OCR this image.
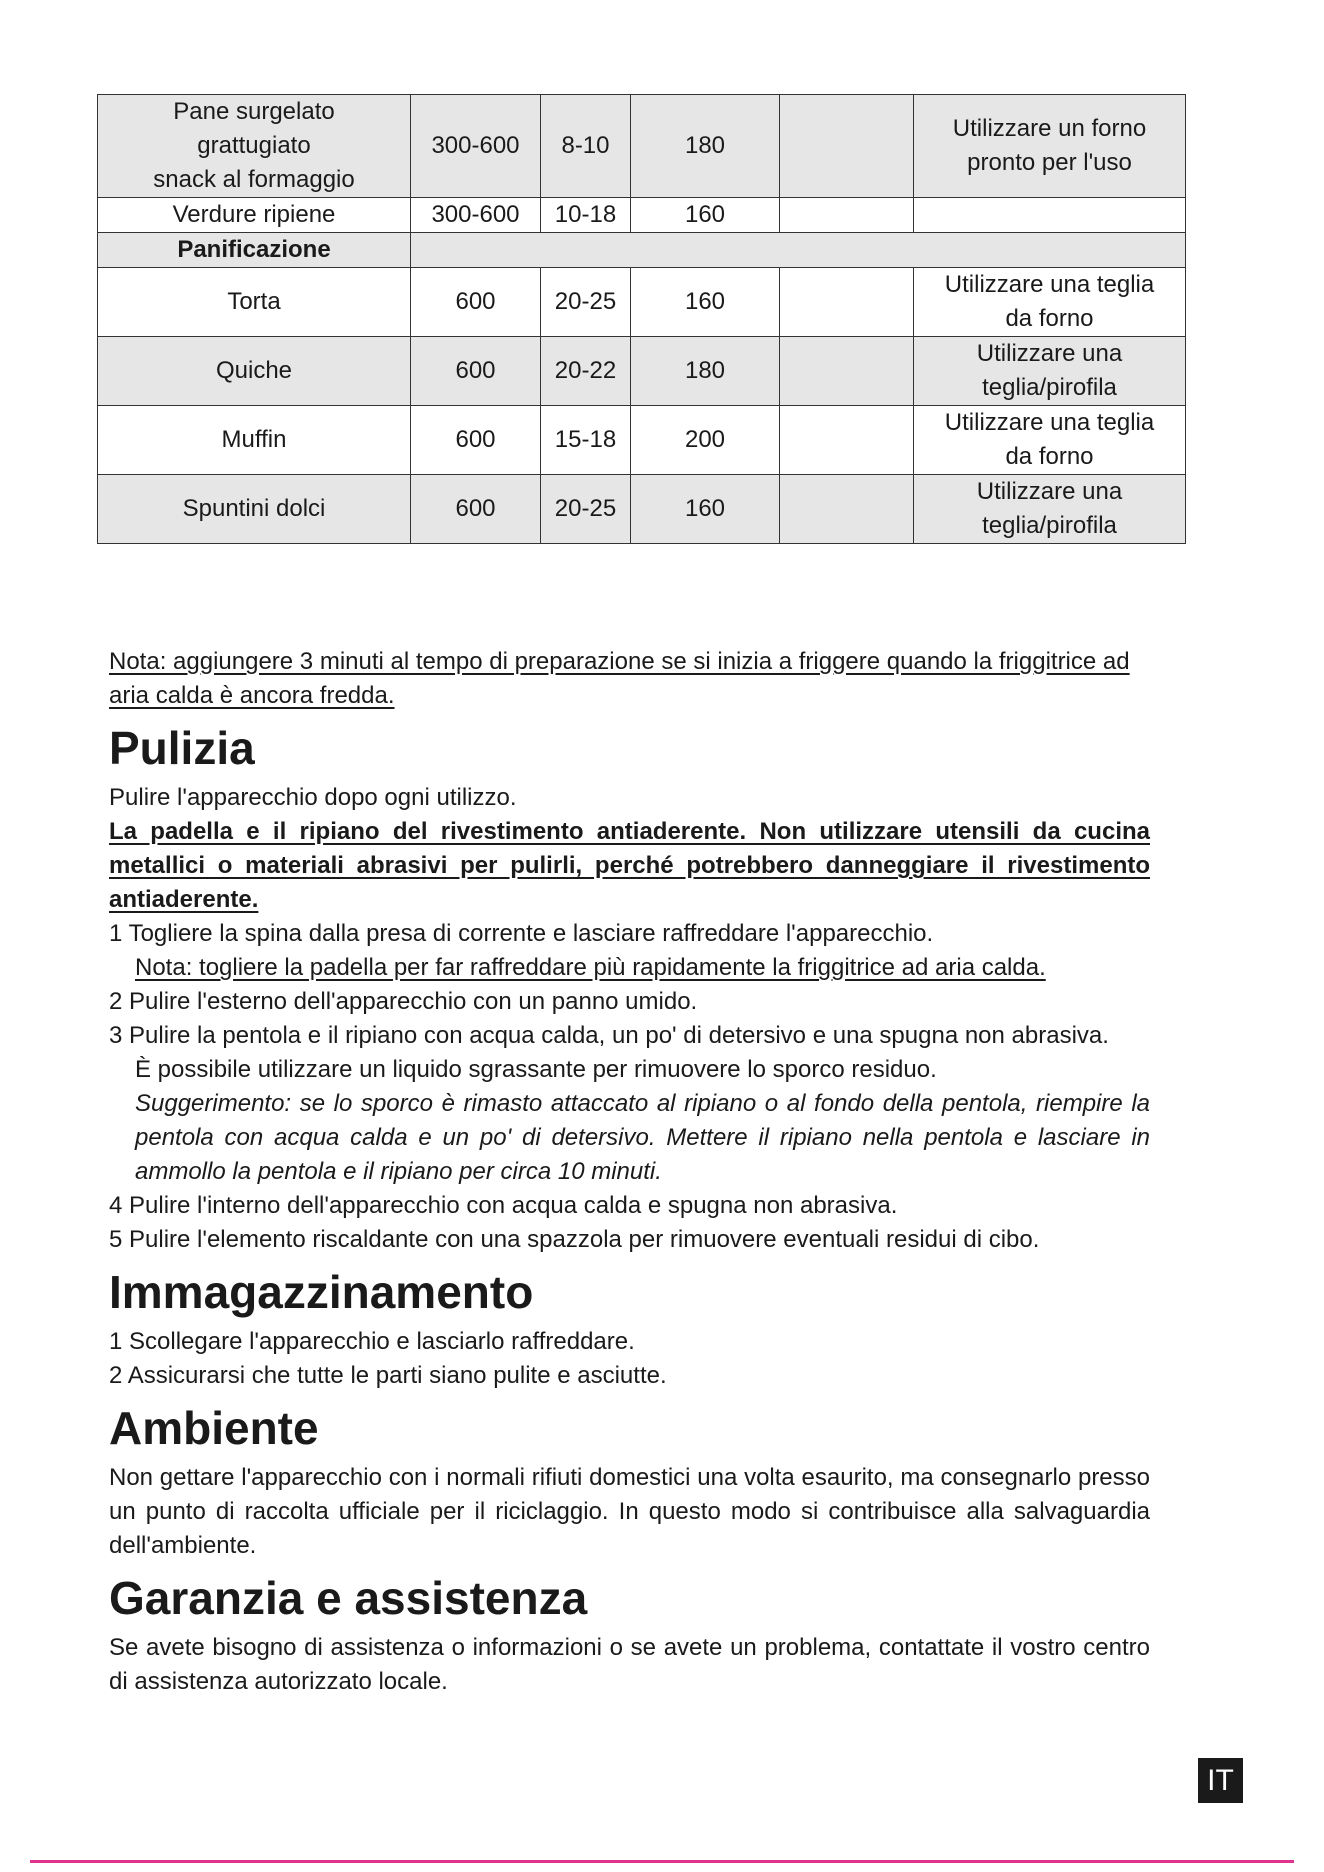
Pane surgelato
grattugiato
snack al formaggio	300-600	8-10	180		Utilizzare un forno
pronto per l'uso
Verdure ripiene	300-600	10-18	160		
Panificazione					
Torta	600	20-25	160		Utilizzare una teglia
da forno
Quiche	600	20-22	180		Utilizzare una
teglia/pirofila
Muffin	600	15-18	200		Utilizzare una teglia
da forno
Spuntini dolci	600	20-25	160		Utilizzare una
teglia/pirofila

Nota: aggiungere 3 minuti al tempo di preparazione se si inizia a friggere quando la friggitrice ad aria calda è ancora fredda.

Pulizia

Pulire l'apparecchio dopo ogni utilizzo.

La padella e il ripiano del rivestimento antiaderente. Non utilizzare utensili da cucina metallici o materiali abrasivi per pulirli, perché potrebbero danneggiare il rivestimento antiaderente.

1 Togliere la spina dalla presa di corrente e lasciare raffreddare l'apparecchio.

Nota: togliere la padella per far raffreddare più rapidamente la friggitrice ad aria calda.

2 Pulire l'esterno dell'apparecchio con un panno umido.

3 Pulire la pentola e il ripiano con acqua calda, un po' di detersivo e una spugna non abrasiva.

È possibile utilizzare un liquido sgrassante per rimuovere lo sporco residuo.

Suggerimento: se lo sporco è rimasto attaccato al ripiano o al fondo della pentola, riempire la pentola con acqua calda e un po' di detersivo. Mettere il ripiano nella pentola e lasciare in ammollo la pentola e il ripiano per circa 10 minuti.

4 Pulire l'interno dell'apparecchio con acqua calda e spugna non abrasiva.

5 Pulire l'elemento riscaldante con una spazzola per rimuovere eventuali residui di cibo.

Immagazzinamento

1 Scollegare l'apparecchio e lasciarlo raffreddare.

2 Assicurarsi che tutte le parti siano pulite e asciutte.

Ambiente

Non gettare l'apparecchio con i normali rifiuti domestici una volta esaurito, ma consegnarlo presso un punto di raccolta ufficiale per il riciclaggio. In questo modo si contribuisce alla salvaguardia dell'ambiente.

Garanzia e assistenza

Se avete bisogno di assistenza o informazioni o se avete un problema, contattate il vostro centro di assistenza autorizzato locale.

IT
